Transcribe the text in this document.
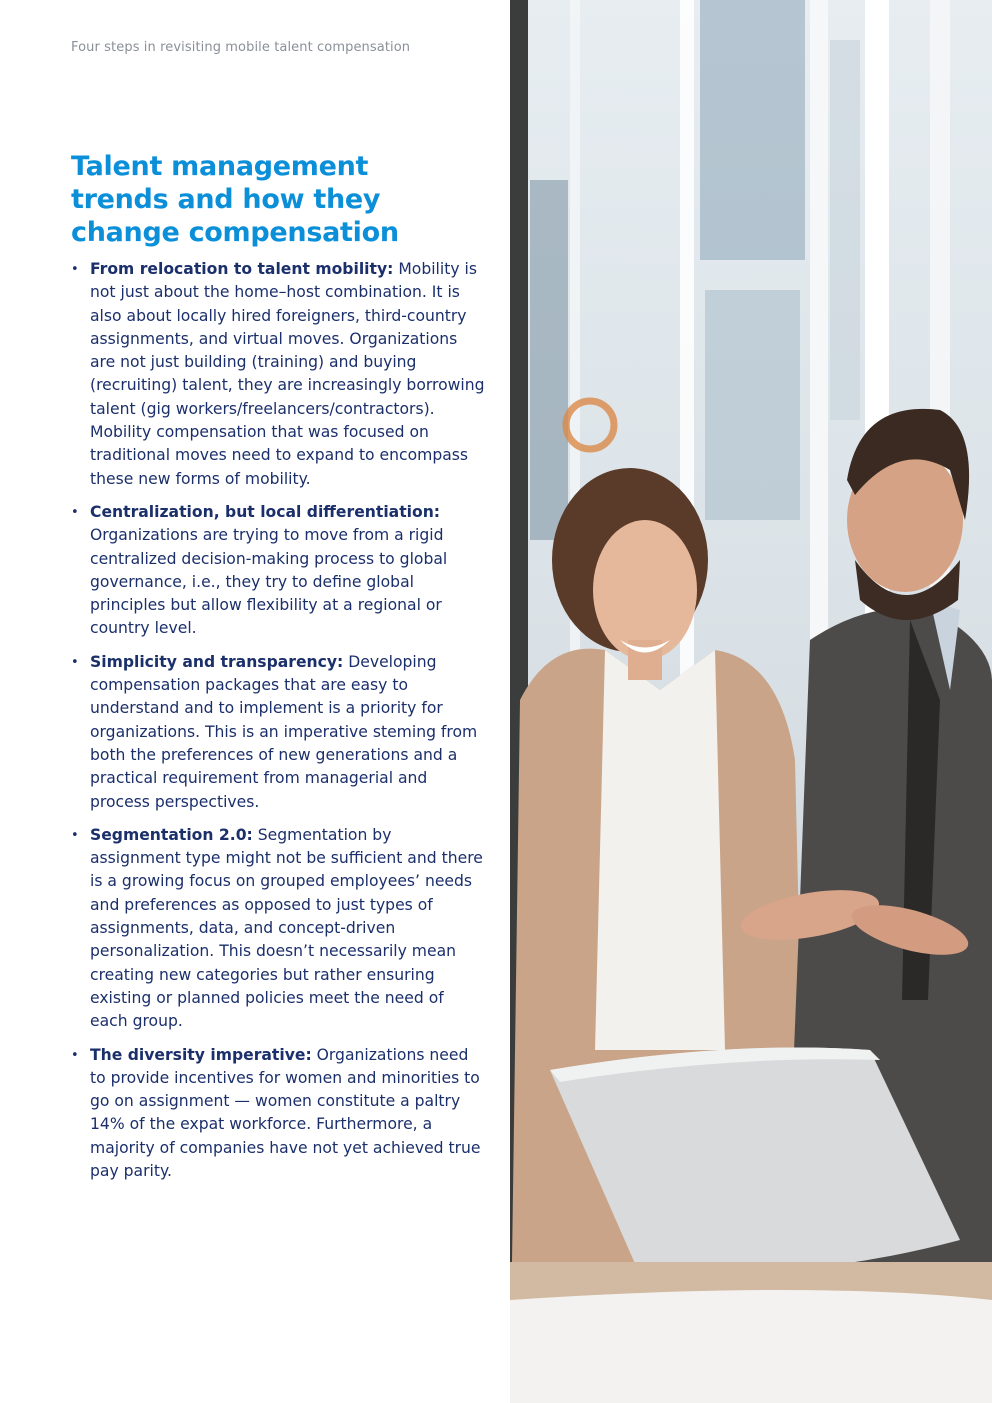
Four steps in revisiting mobile talent compensation
Talent management trends and how they change compensation
• From relocation to talent mobility: Mobility is not just about the home–host combination. It is also about locally hired foreigners, third-country assignments, and virtual moves. Organizations are not just building (training) and buying (recruiting) talent, they are increasingly borrowing talent (gig workers/freelancers/contractors). Mobility compensation that was focused on traditional moves need to expand to encompass these new forms of mobility.
• Centralization, but local differentiation: Organizations are trying to move from a rigid centralized decision-making process to global governance, i.e., they try to define global principles but allow flexibility at a regional or country level.
• Simplicity and transparency: Developing compensation packages that are easy to understand and to implement is a priority for organizations. This is an imperative steming from both the preferences of new generations and a practical requirement from managerial and process perspectives.
• Segmentation 2.0: Segmentation by assignment type might not be sufficient and there is a growing focus on grouped employees’ needs and preferences as opposed to just types of assignments, data, and concept-driven personalization. This doesn’t necessarily mean creating new categories but rather ensuring existing or planned policies meet the need of each group.
• The diversity imperative: Organizations need to provide incentives for women and minorities to go on assignment — women constitute a paltry 14% of the expat workforce. Furthermore, a majority of companies have not yet achieved true pay parity.
